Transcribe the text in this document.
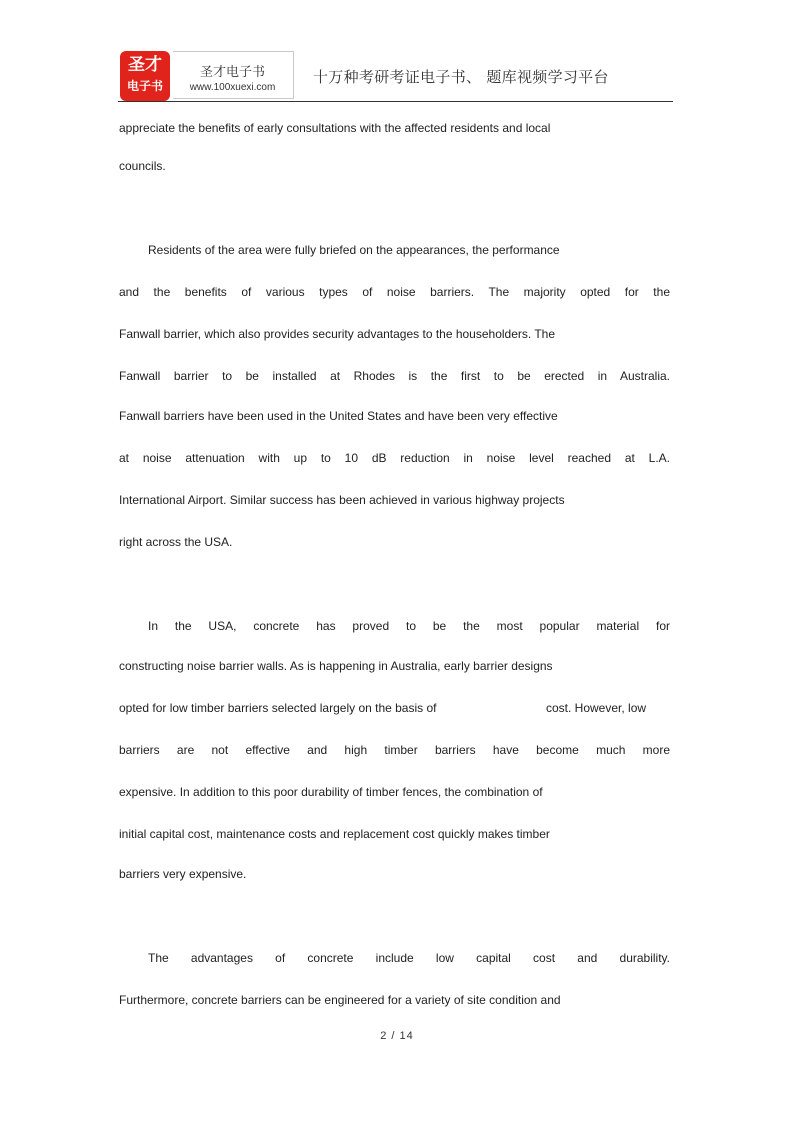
圣才
电子书
圣才电子书
www.100xuexi.com
十万种考研考证电子书、 题库视频学习平台
appreciate the benefits of early consultations with the affected residents and local
councils.
Residents of the area were fully briefed on the appearances, the performance
and the benefits of various types of noise barriers. The majority opted for the
Fanwall barrier, which also provides security advantages to the householders. The
Fanwall barrier to be installed at Rhodes is the first to be erected in Australia.
Fanwall barriers have been used in the United States and have been very effective
at noise attenuation with up to 10 dB reduction in noise level reached at L.A.
International Airport. Similar success has been achieved in various highway projects
right across the USA.
In the USA, concrete has proved to be the most popular material for
constructing noise barrier walls. As is happening in Australia, early barrier designs
opted for low timber barriers selected largely on the basis of	cost. However, low
barriers are not effective and high timber barriers have become much more
expensive. In addition to this poor durability of timber fences, the combination of
initial capital cost, maintenance costs and replacement cost quickly makes timber
barriers very expensive.
The advantages of concrete include low capital cost and durability.
Furthermore, concrete barriers can be engineered for a variety of site condition and
2 / 14
